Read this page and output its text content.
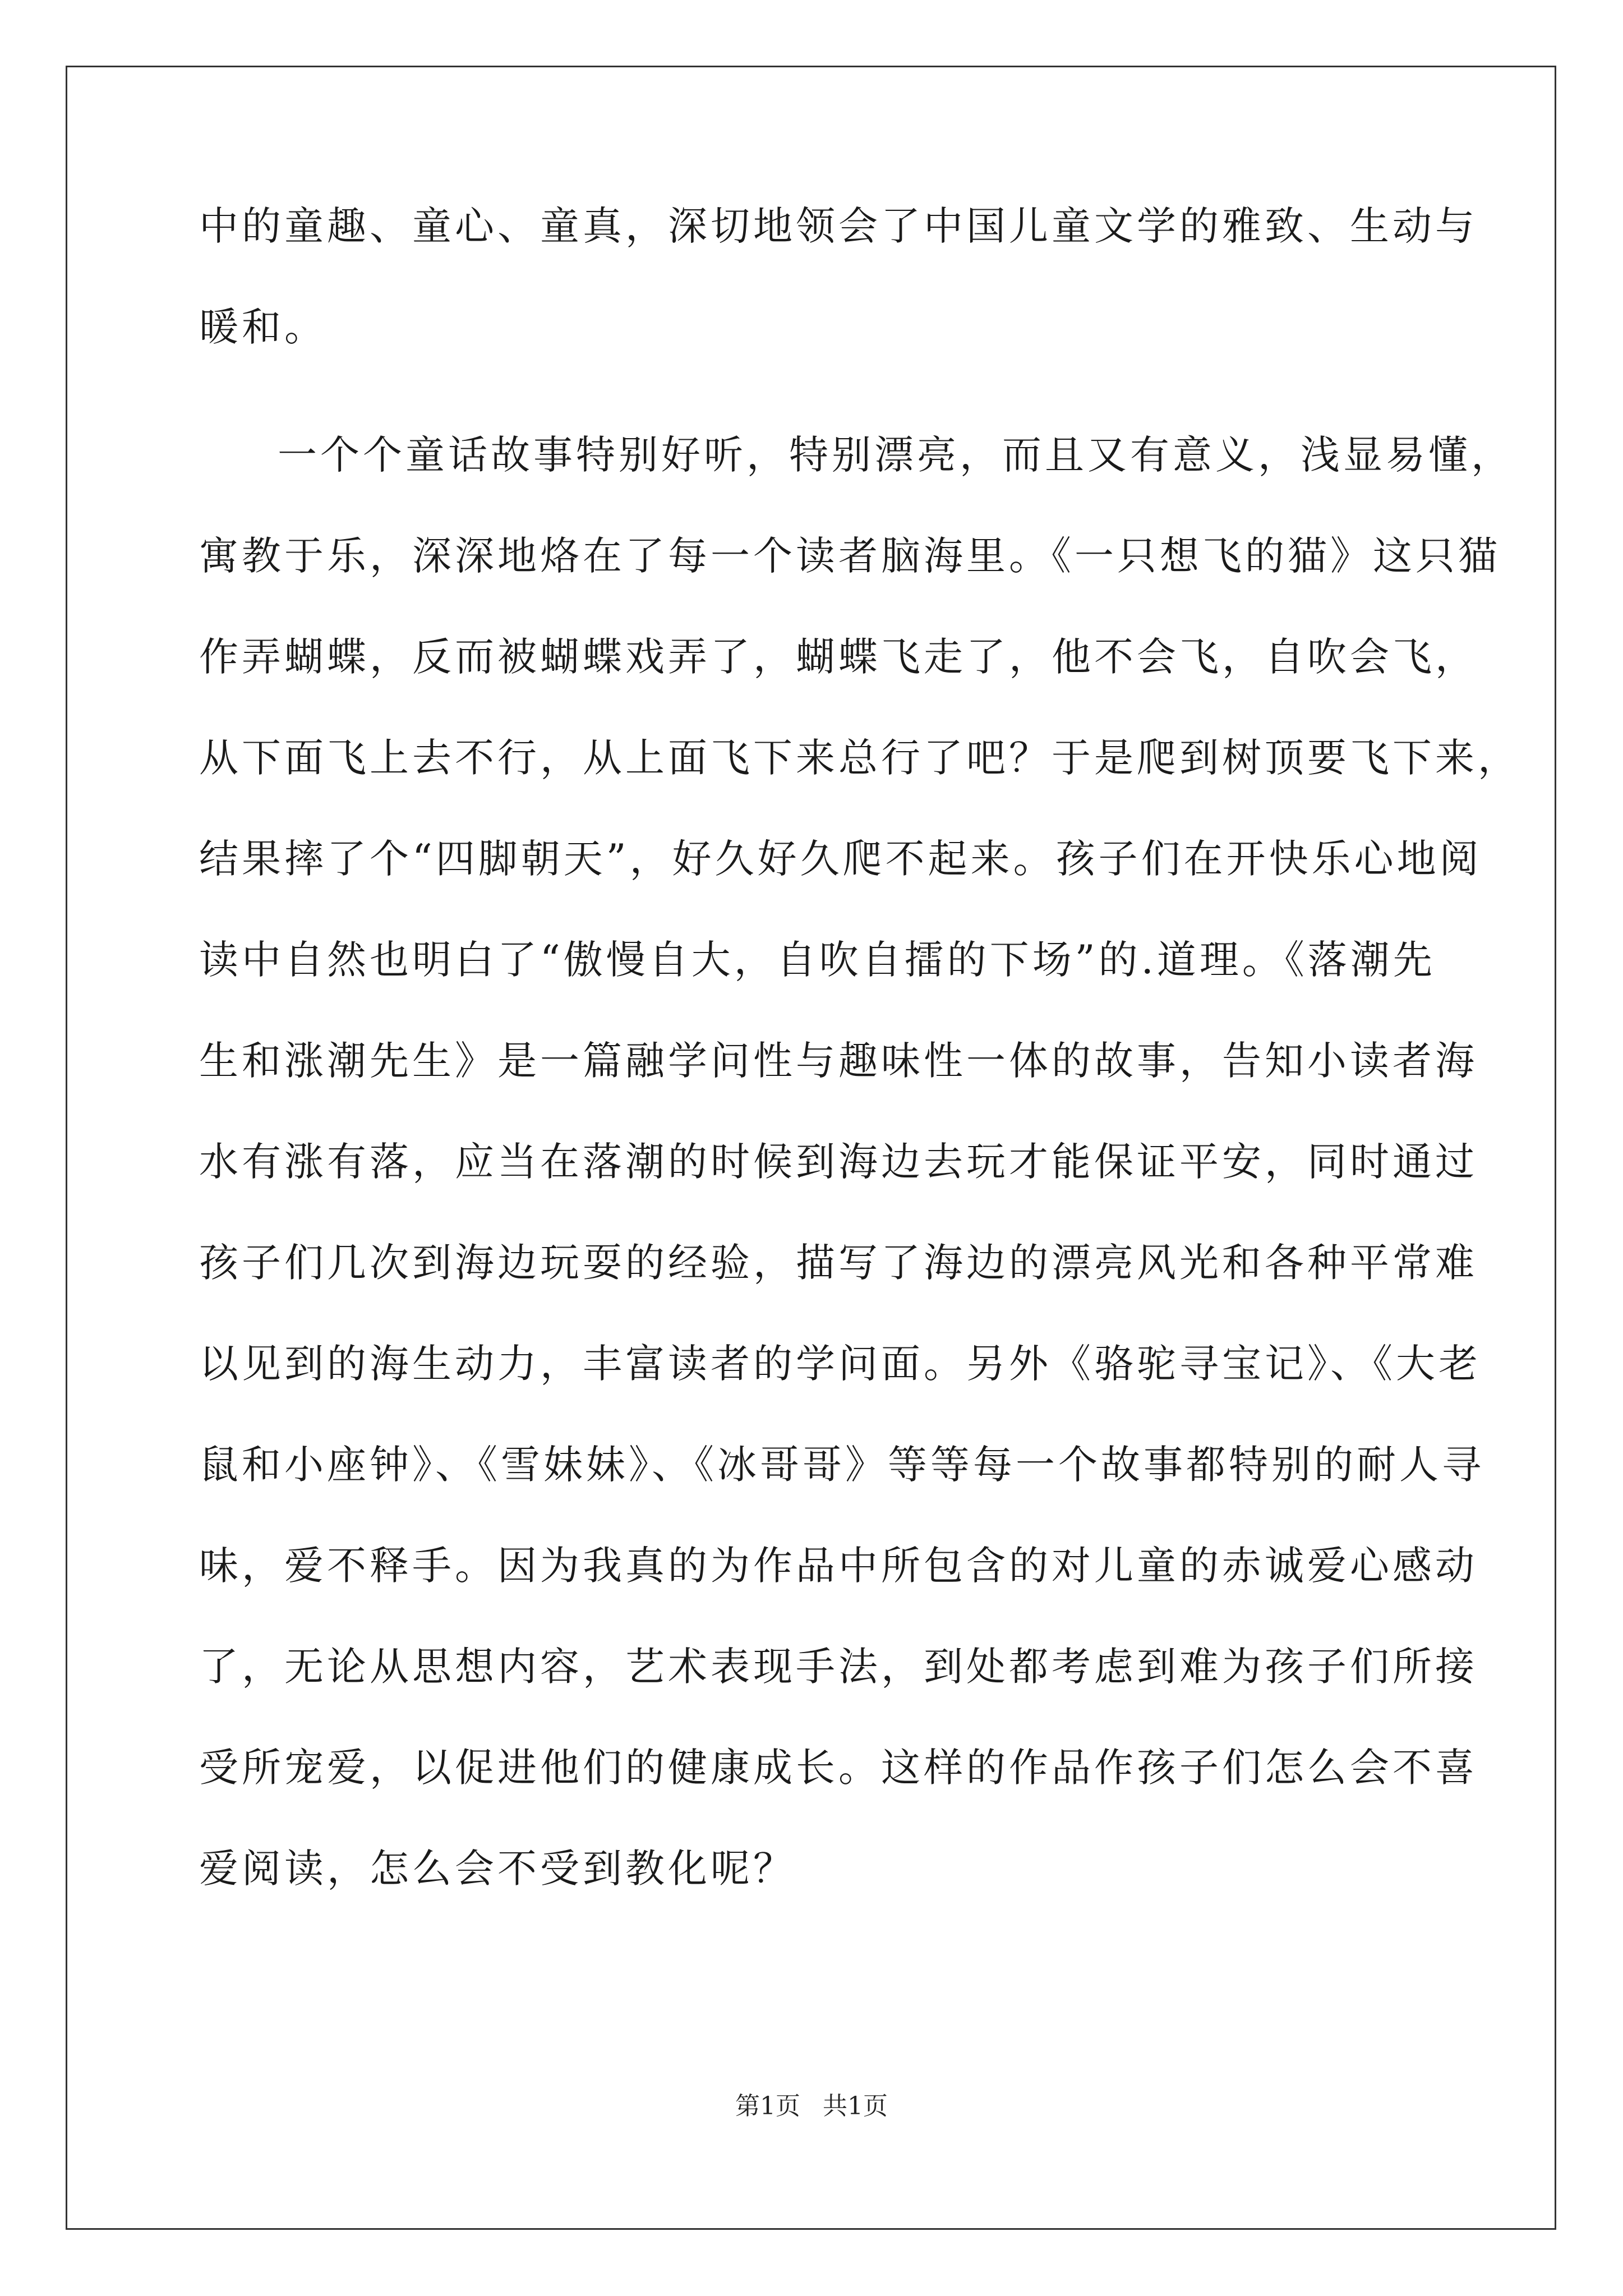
中的童趣、童心、童真，深切地领会了中国儿童文学的雅致、生动与
暖和。
一个个童话故事特别好听，特别漂亮，而且又有意义，浅显易懂，
寓教于乐，深深地烙在了每一个读者脑海里。《一只想飞的猫》这只猫
作弄蝴蝶，反而被蝴蝶戏弄了，蝴蝶飞走了，他不会飞，自吹会飞，
从下面飞上去不行，从上面飞下来总行了吧？于是爬到树顶要飞下来，
结果摔了个“四脚朝天”，好久好久爬不起来。孩子们在开快乐心地阅
读中自然也明白了“傲慢自大，自吹自擂的下场”的.道理。《落潮先
生和涨潮先生》是一篇融学问性与趣味性一体的故事，告知小读者海
水有涨有落，应当在落潮的时候到海边去玩才能保证平安，同时通过
孩子们几次到海边玩耍的经验，描写了海边的漂亮风光和各种平常难
以见到的海生动力，丰富读者的学问面。另外《骆驼寻宝记》、《大老
鼠和小座钟》、《雪妹妹》、《冰哥哥》等等每一个故事都特别的耐人寻
味，爱不释手。因为我真的为作品中所包含的对儿童的赤诚爱心感动
了，无论从思想内容，艺术表现手法，到处都考虑到难为孩子们所接
受所宠爱，以促进他们的健康成长。这样的作品作孩子们怎么会不喜
爱阅读，怎么会不受到教化呢？
第1页 共1页
